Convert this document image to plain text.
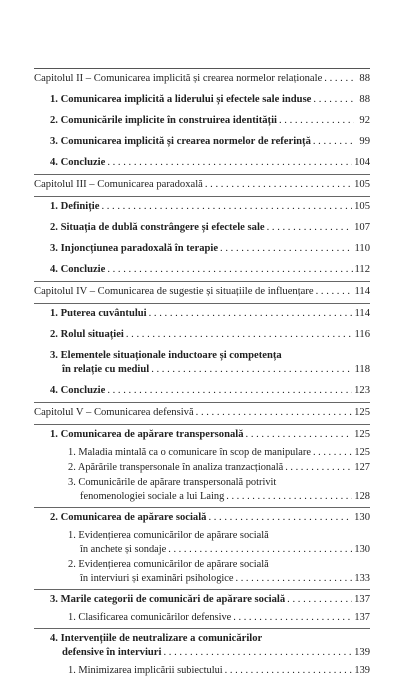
Capitolul II – Comunicarea implicită și crearea normelor relaționale . . .	88
1. Comunicarea implicită a liderului și efectele sale induse . . .	88
2. Comunicările implicite în construirea identității . . .	92
3. Comunicarea implicită și crearea normelor de referință . . .	99
4. Concluzie . . .	104
Capitolul III – Comunicarea paradoxală . . .	105
1. Definiție . . .	105
2. Situația de dublă constrângere și efectele sale . . .	107
3. Injoncțiunea paradoxală în terapie . . .	110
4. Concluzie . . .	112
Capitolul IV – Comunicarea de sugestie și situațiile de influențare . . .	114
1. Puterea cuvântului . . .	114
2. Rolul situației . . .	116
3. Elementele situaționale inductoare și competența
în relație cu mediul . . .	118
4. Concluzie . . .	123
Capitolul V – Comunicarea defensivă . . .	125
1. Comunicarea de apărare transpersonală . . .	125
1. Maladia mintală ca o comunicare în scop de manipulare . . .	125
2. Apărările transpersonale în analiza tranzacțională . . .	127
3. Comunicările de apărare transpersonală potrivit
fenomenologiei sociale a lui Laing . . .	128
2. Comunicarea de apărare socială . . .	130
1. Evidențierea comunicărilor de apărare socială
în anchete și sondaje . . .	130
2. Evidențierea comunicărilor de apărare socială
în interviuri și examinări psihologice . . .	133
3. Marile categorii de comunicări de apărare socială . . .	137
1. Clasificarea comunicărilor defensive . . .	137
4. Intervențiile de neutralizare a comunicărilor
defensive în interviuri . . .	139
1. Minimizarea implicării subiectului . . .	139
